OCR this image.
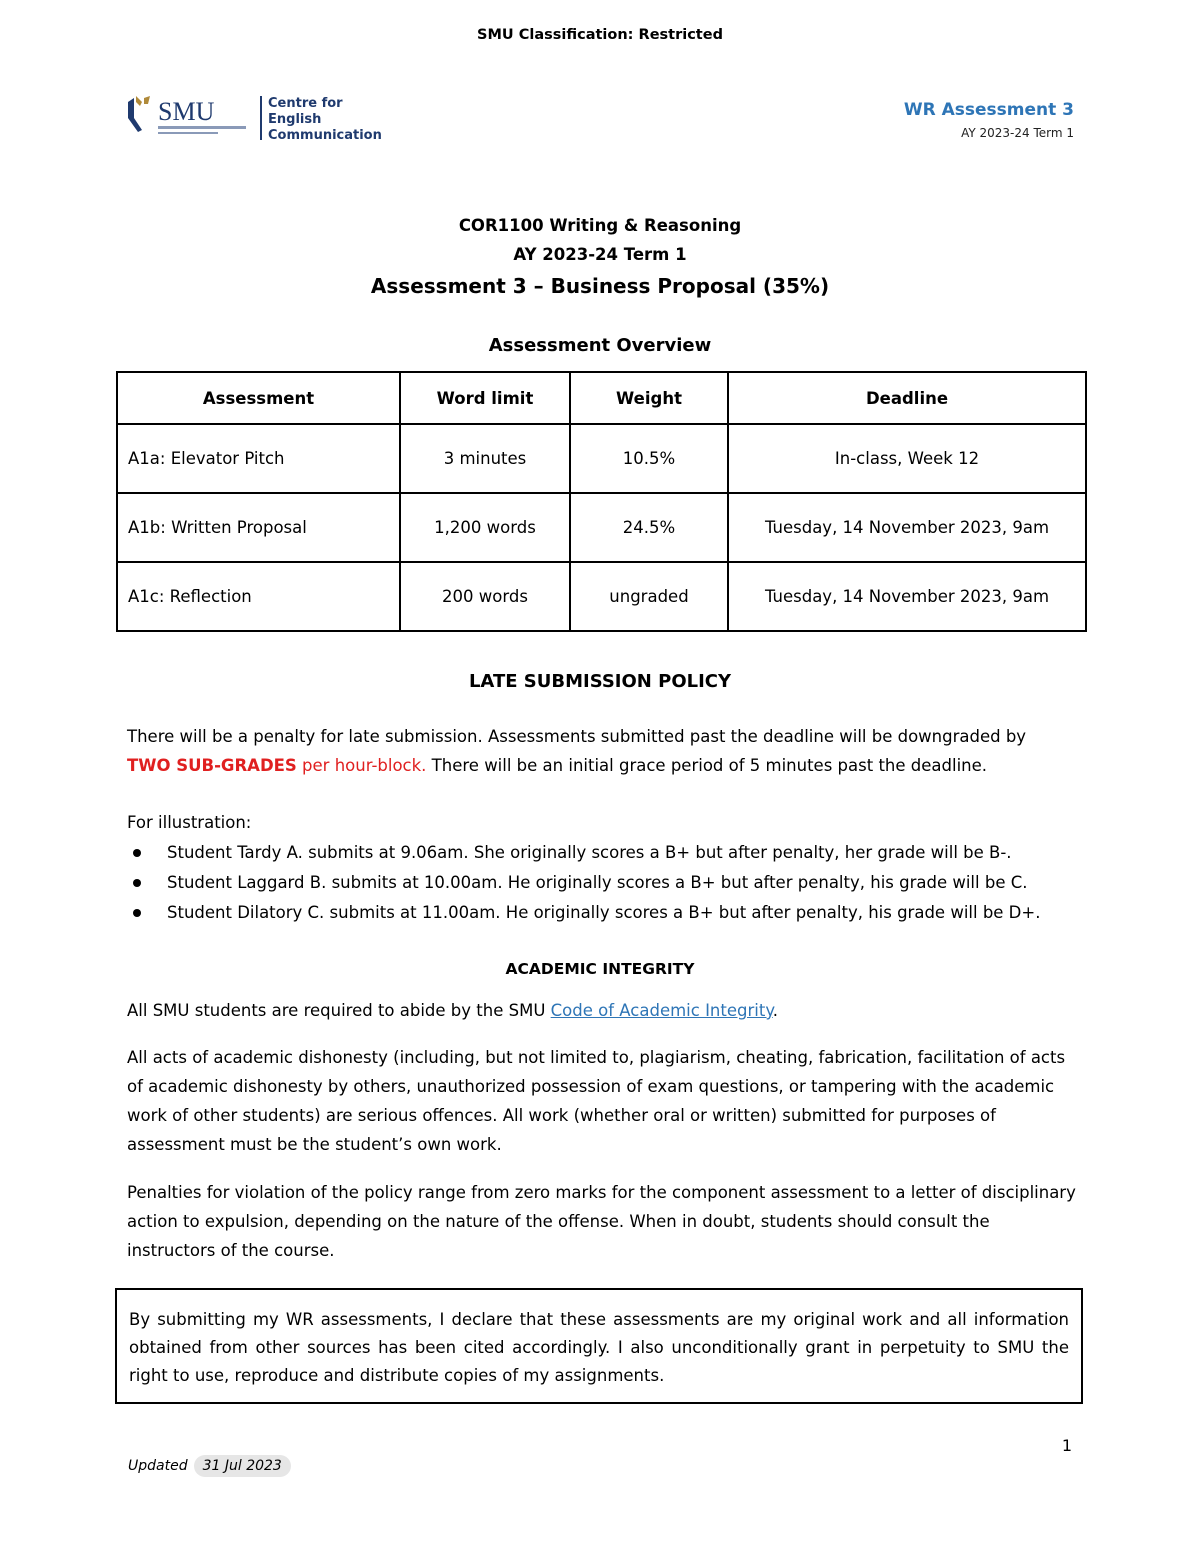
SMU Classification: Restricted
SMU	Centre for
English
Communication
WR Assessment 3
AY 2023-24 Term 1
COR1100 Writing & Reasoning
AY 2023-24 Term 1
Assessment 3 – Business Proposal (35%)
Assessment Overview
Assessment	Word limit	Weight	Deadline
A1a: Elevator Pitch	3 minutes	10.5%	In-class, Week 12
A1b: Written Proposal	1,200 words	24.5%	Tuesday, 14 November 2023, 9am
A1c: Reflection	200 words	ungraded	Tuesday, 14 November 2023, 9am
LATE SUBMISSION POLICY
There will be a penalty for late submission. Assessments submitted past the deadline will be downgraded by
TWO SUB-GRADES per hour-block. There will be an initial grace period of 5 minutes past the deadline.
For illustration:
Student Tardy A. submits at 9.06am. She originally scores a B+ but after penalty, her grade will be B-.
Student Laggard B. submits at 10.00am. He originally scores a B+ but after penalty, his grade will be C.
Student Dilatory C. submits at 11.00am. He originally scores a B+ but after penalty, his grade will be D+.
ACADEMIC INTEGRITY
All SMU students are required to abide by the SMU Code of Academic Integrity.
All acts of academic dishonesty (including, but not limited to, plagiarism, cheating, fabrication, facilitation of acts of academic dishonesty by others, unauthorized possession of exam questions, or tampering with the academic work of other students) are serious offences. All work (whether oral or written) submitted for purposes of assessment must be the student’s own work.
Penalties for violation of the policy range from zero marks for the component assessment to a letter of disciplinary action to expulsion, depending on the nature of the offense. When in doubt, students should consult the instructors of the course.
By submitting my WR assessments, I declare that these assessments are my original work and all information obtained from other sources has been cited accordingly. I also unconditionally grant in perpetuity to SMU the right to use, reproduce and distribute copies of my assignments.
1
Updated 31 Jul 2023
